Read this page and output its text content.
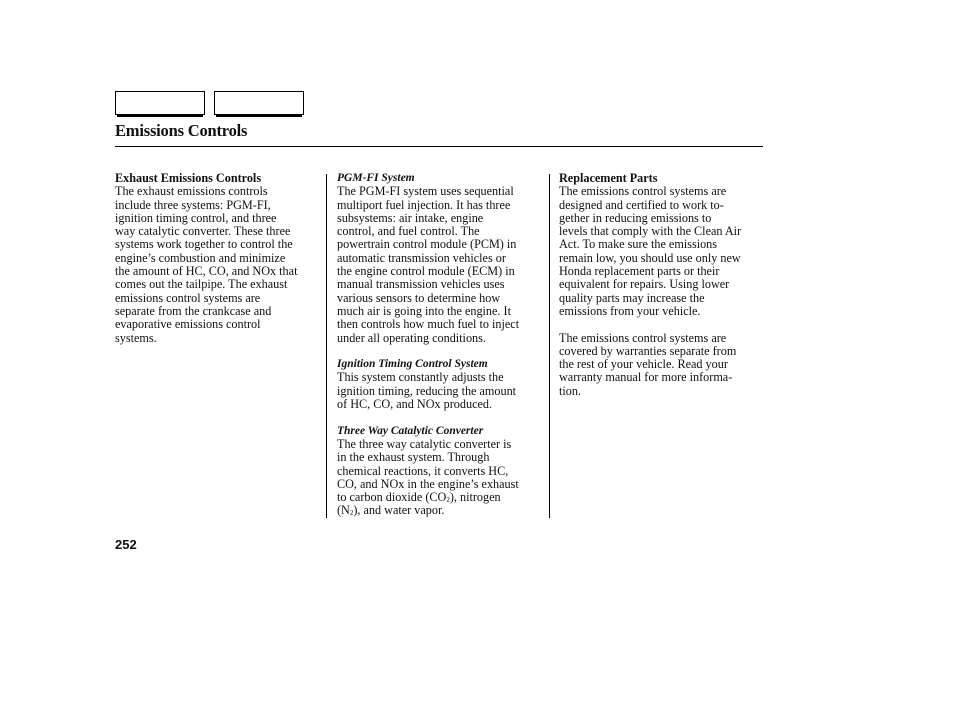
Emissions Controls
Exhaust Emissions Controls

The exhaust emissions controls
include three systems: PGM-FI,
ignition timing control, and three
way catalytic converter. These three
systems work together to control the
engine’s combustion and minimize
the amount of HC, CO, and NOx that
comes out the tailpipe. The exhaust
emissions control systems are
separate from the crankcase and
evaporative emissions control
systems.

PGM-FI System

The PGM-FI system uses sequential
multiport fuel injection. It has three
subsystems: air intake, engine
control, and fuel control. The
powertrain control module (PCM) in
automatic transmission vehicles or
the engine control module (ECM) in
manual transmission vehicles uses
various sensors to determine how
much air is going into the engine. It
then controls how much fuel to inject
under all operating conditions.

Ignition Timing Control System

This system constantly adjusts the
ignition timing, reducing the amount
of HC, CO, and NOx produced.

Three Way Catalytic Converter

The three way catalytic converter is
in the exhaust system. Through
chemical reactions, it converts HC,
CO, and NOx in the engine’s exhaust
to carbon dioxide $(CO_2)$, nitrogen
$(N_2)$, and water vapor.

Replacement Parts

The emissions control systems are
designed and certified to work to-
gether in reducing emissions to
levels that comply with the Clean Air
Act. To make sure the emissions
remain low, you should use only new
Honda replacement parts or their
equivalent for repairs. Using lower
quality parts may increase the
emissions from your vehicle.

The emissions control systems are
covered by warranties separate from
the rest of your vehicle. Read your
warranty manual for more informa-
tion.

252
